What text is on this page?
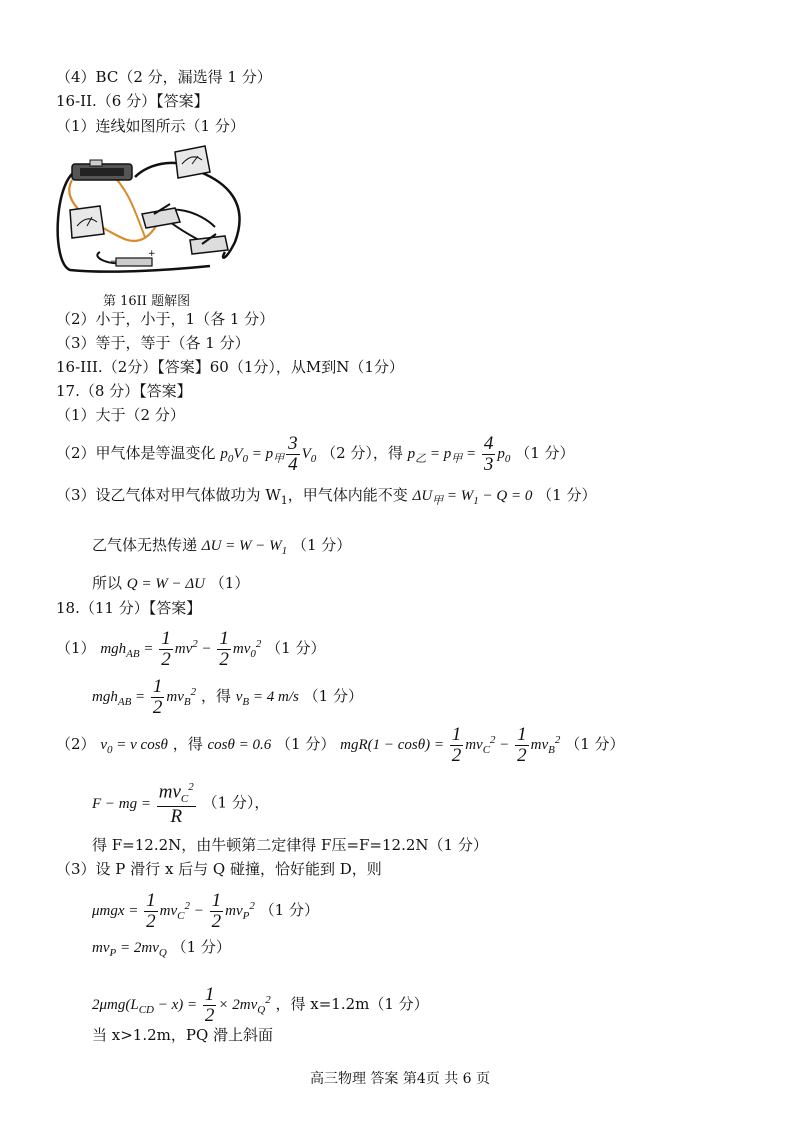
（4）BC（2 分，漏选得 1 分）
16-II.（6 分）【答案】
（1）连线如图所示（1 分）
−
+
第 16II 题解图
（2）小于，小于，1（各 1 分）
（3）等于，等于（各 1 分）
16-III.（2分）【答案】60（1分），从M到N（1分）
17.（8 分）【答案】
（1）大于（2 分）
（2）甲气体是等温变化 $p_0V_0 = p_甲 \frac{3}{4} V_0$ （2 分），得 $p_乙 = p_甲 = \frac{4}{3} p_0$ （1 分）
（3）设乙气体对甲气体做功为 $W_1$，甲气体内能不变 $\Delta U_甲 = W_1 - Q = 0$ （1 分）
乙气体无热传递 $\Delta U = W - W_1$ （1 分）
所以 Q = W − ΔU （1）
18.（11 分）【答案】
（1） $mgh_{AB} = \frac{1}{2} mv^2 - \frac{1}{2} mv_0^2$ （1 分）
$mgh_{AB} = \frac{1}{2} mv_B^2$ ，得 $v_B = 4$ m/s （1 分）
（2） $v_0 = v$ cosθ ，得 cosθ = 0.6 （1 分） $mgR(1 - \cos\theta) = \frac{1}{2} mv_C^2 - \frac{1}{2} mv_B^2$ （1 分）
F − mg = $\frac{mv_C^2}{R} (1$ 分），
得 F=12.2N，由牛顿第二定律得 F压=F=12.2N（1 分）
（3）设 P 滑行 x 后与 Q 碰撞，恰好能到 D，则
$\mu mgx = \frac{1}{2} mv_C^2 - \frac{1}{2} mv_P^2$ （1 分）
$mv_P = 2mv_Q$ （1 分）
$2\mu mg(L_{CD} - x) = \frac{1}{2} \times 2mv_Q^2$ ，得 x=1.2m（1 分）
当 x>1.2m，PQ 滑上斜面
高三物理 答案 第4页 共 6 页
